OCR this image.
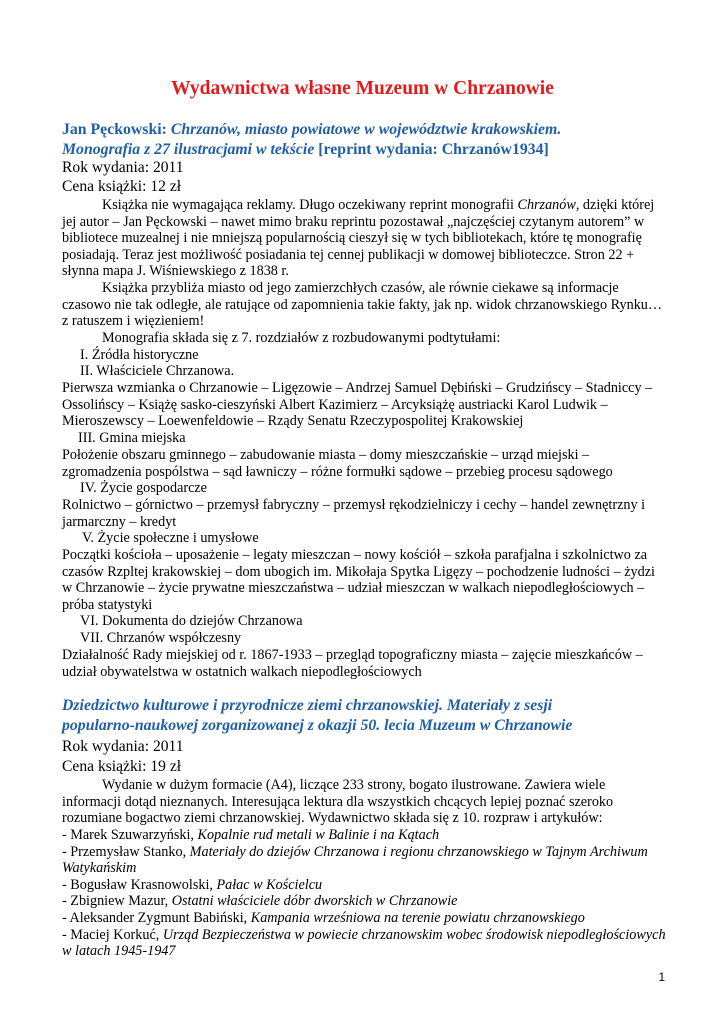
Wydawnictwa własne Muzeum w Chrzanowie
Jan Pęckowski: Chrzanów, miasto powiatowe w województwie krakowskiem.
Monografia z 27 ilustracjami w tekście [reprint wydania: Chrzanów1934]
Rok wydania: 2011
Cena książki: 12 zł
Książka nie wymagająca reklamy. Długo oczekiwany reprint monografii Chrzanów, dzięki której jej autor – Jan Pęckowski – nawet mimo braku reprintu pozostawał „najczęściej czytanym autorem” w bibliotece muzealnej i nie mniejszą popularnością cieszył się w tych bibliotekach, które tę monografię posiadają. Teraz jest możliwość posiadania tej cennej publikacji w domowej biblioteczce. Stron 22 + słynna mapa J. Wiśniewskiego z 1838 r.
Książka przybliża miasto od jego zamierzchłych czasów, ale równie ciekawe są informacje czasowo nie tak odległe, ale ratujące od zapomnienia takie fakty, jak np. widok chrzanowskiego Rynku… z ratuszem i więzieniem!
Monografia składa się z 7. rozdziałów z rozbudowanymi podtytułami:
I. Źródła historyczne
II. Właściciele Chrzanowa.
Pierwsza wzmianka o Chrzanowie – Ligęzowie – Andrzej Samuel Dębiński – Grudzińscy – Stadniccy – Ossolińscy – Książę sasko-cieszyński Albert Kazimierz – Arcyksiążę austriacki Karol Ludwik – Mieroszewscy – Loewenfeldowie – Rządy Senatu Rzeczypospolitej Krakowskiej
III. Gmina miejska
Położenie obszaru gminnego – zabudowanie miasta – domy mieszczańskie – urząd miejski – zgromadzenia pospólstwa – sąd ławniczy – różne formułki sądowe – przebieg procesu sądowego
IV. Życie gospodarcze
Rolnictwo – górnictwo – przemysł fabryczny – przemysł rękodzielniczy i cechy – handel zewnętrzny i jarmarczny – kredyt
V. Życie społeczne i umysłowe
Początki kościoła – uposażenie – legaty mieszczan – nowy kościół – szkoła parafjalna i szkolnictwo za czasów Rzpltej krakowskiej – dom ubogich im. Mikołaja Spytka Ligęzy – pochodzenie ludności – żydzi w Chrzanowie – życie prywatne mieszczaństwa – udział mieszczan w walkach niepodległościowych – próba statystyki
VI. Dokumenta do dziejów Chrzanowa
VII. Chrzanów współczesny
Działalność Rady miejskiej od r. 1867-1933 – przegląd topograficzny miasta – zajęcie mieszkańców – udział obywatelstwa w ostatnich walkach niepodległościowych
Dziedzictwo kulturowe i przyrodnicze ziemi chrzanowskiej. Materiały z sesji
popularno-naukowej zorganizowanej z okazji 50. lecia Muzeum w Chrzanowie
Rok wydania: 2011
Cena książki: 19 zł
Wydanie w dużym formacie (A4), liczące 233 strony, bogato ilustrowane. Zawiera wiele informacji dotąd nieznanych. Interesująca lektura dla wszystkich chcących lepiej poznać szeroko rozumiane bogactwo ziemi chrzanowskiej. Wydawnictwo składa się z 10. rozpraw i artykułów:
- Marek Szuwarzyński, Kopalnie rud metali w Balinie i na Kątach
- Przemysław Stanko, Materiały do dziejów Chrzanowa i regionu chrzanowskiego w Tajnym Archiwum Watykańskim
- Bogusław Krasnowolski, Pałac w Kościelcu
- Zbigniew Mazur, Ostatni właściciele dóbr dworskich w Chrzanowie
- Aleksander Zygmunt Babiński, Kampania wrześniowa na terenie powiatu chrzanowskiego
- Maciej Korkuć, Urząd Bezpieczeństwa w powiecie chrzanowskim wobec środowisk niepodległościowych w latach 1945-1947
1
